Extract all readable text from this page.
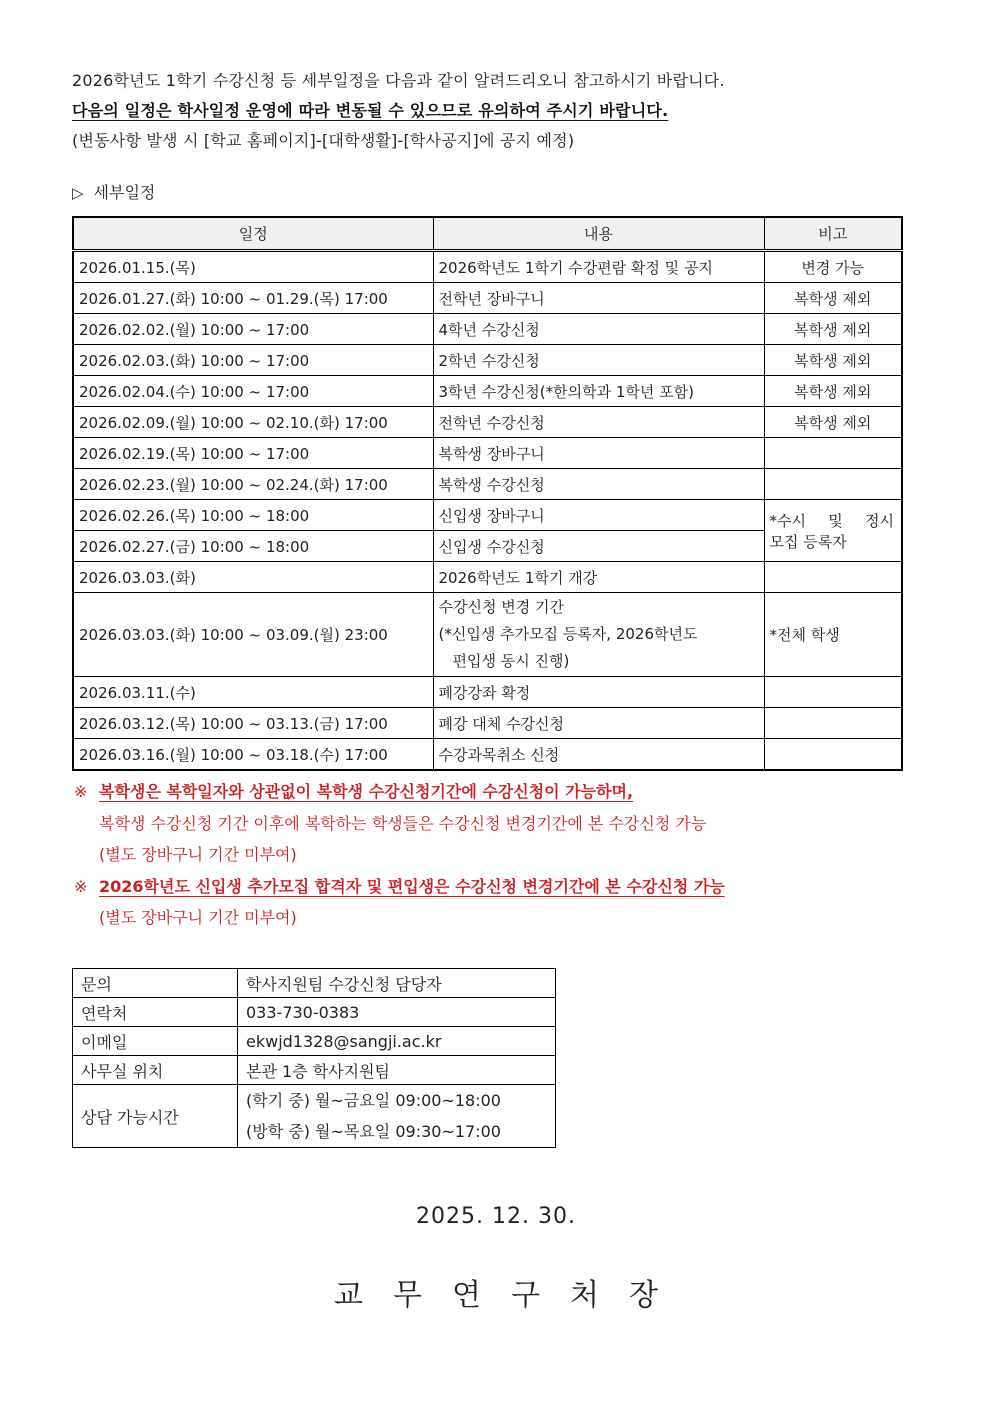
2026학년도 1학기 수강신청 등 세부일정을 다음과 같이 알려드리오니 참고하시기 바랍니다.

다음의 일정은 학사일정 운영에 따라 변동될 수 있으므로 유의하여 주시기 바랍니다.

(변동사항 발생 시 [학교 홈페이지]-[대학생활]-[학사공지]에 공지 예정)

▷ 세부일정
일정	내용	비고
2026.01.15.(목)	2026학년도 1학기 수강편람 확정 및 공지	변경 가능
2026.01.27.(화) 10:00 ~ 01.29.(목) 17:00	전학년 장바구니	복학생 제외
2026.02.02.(월) 10:00 ~ 17:00	4학년 수강신청	복학생 제외
2026.02.03.(화) 10:00 ~ 17:00	2학년 수강신청	복학생 제외
2026.02.04.(수) 10:00 ~ 17:00	3학년 수강신청(*한의학과 1학년 포함)	복학생 제외
2026.02.09.(월) 10:00 ~ 02.10.(화) 17:00	전학년 수강신청	복학생 제외
2026.02.19.(목) 10:00 ~ 17:00	복학생 장바구니	
2026.02.23.(월) 10:00 ~ 02.24.(화) 17:00	복학생 수강신청	
2026.02.26.(목) 10:00 ~ 18:00	신입생 장바구니	*수시 및 정시
모집 등록자

2026.02.27.(금) 10:00 ~ 18:00	신입생 수강신청	
2026.03.03.(화)	2026학년도 1학기 개강	
2026.03.03.(화) 10:00 ~ 03.09.(월) 23:00	수강신청 변경 기간
(*신입생 추가모집 등록자, 2026학년도
편입생 동시 진행)	*전체 학생
2026.03.11.(수)	폐강강좌 확정	
2026.03.12.(목) 10:00 ~ 03.13.(금) 17:00	폐강 대체 수강신청	
2026.03.16.(월) 10:00 ~ 03.18.(수) 17:00	수강과목취소 신청	

※ 복학생은 복학일자와 상관없이 복학생 수강신청기간에 수강신청이 가능하며,

복학생 수강신청 기간 이후에 복학하는 학생들은 수강신청 변경기간에 본 수강신청 가능

(별도 장바구니 기간 미부여)

※ 2026학년도 신입생 추가모집 합격자 및 편입생은 수강신청 변경기간에 본 수강신청 가능

(별도 장바구니 기간 미부여)

문의	학사지원팀 수강신청 담당자
연락처	033-730-0383
이메일	ekwjd1328@sangji.ac.kr
사무실 위치	본관 1층 학사지원팀
상담 가능시간	(학기 중) 월~금요일 09:00~18:00
(방학 중) 월~목요일 09:30~17:00
2025. 12. 30.
교무연구처장
